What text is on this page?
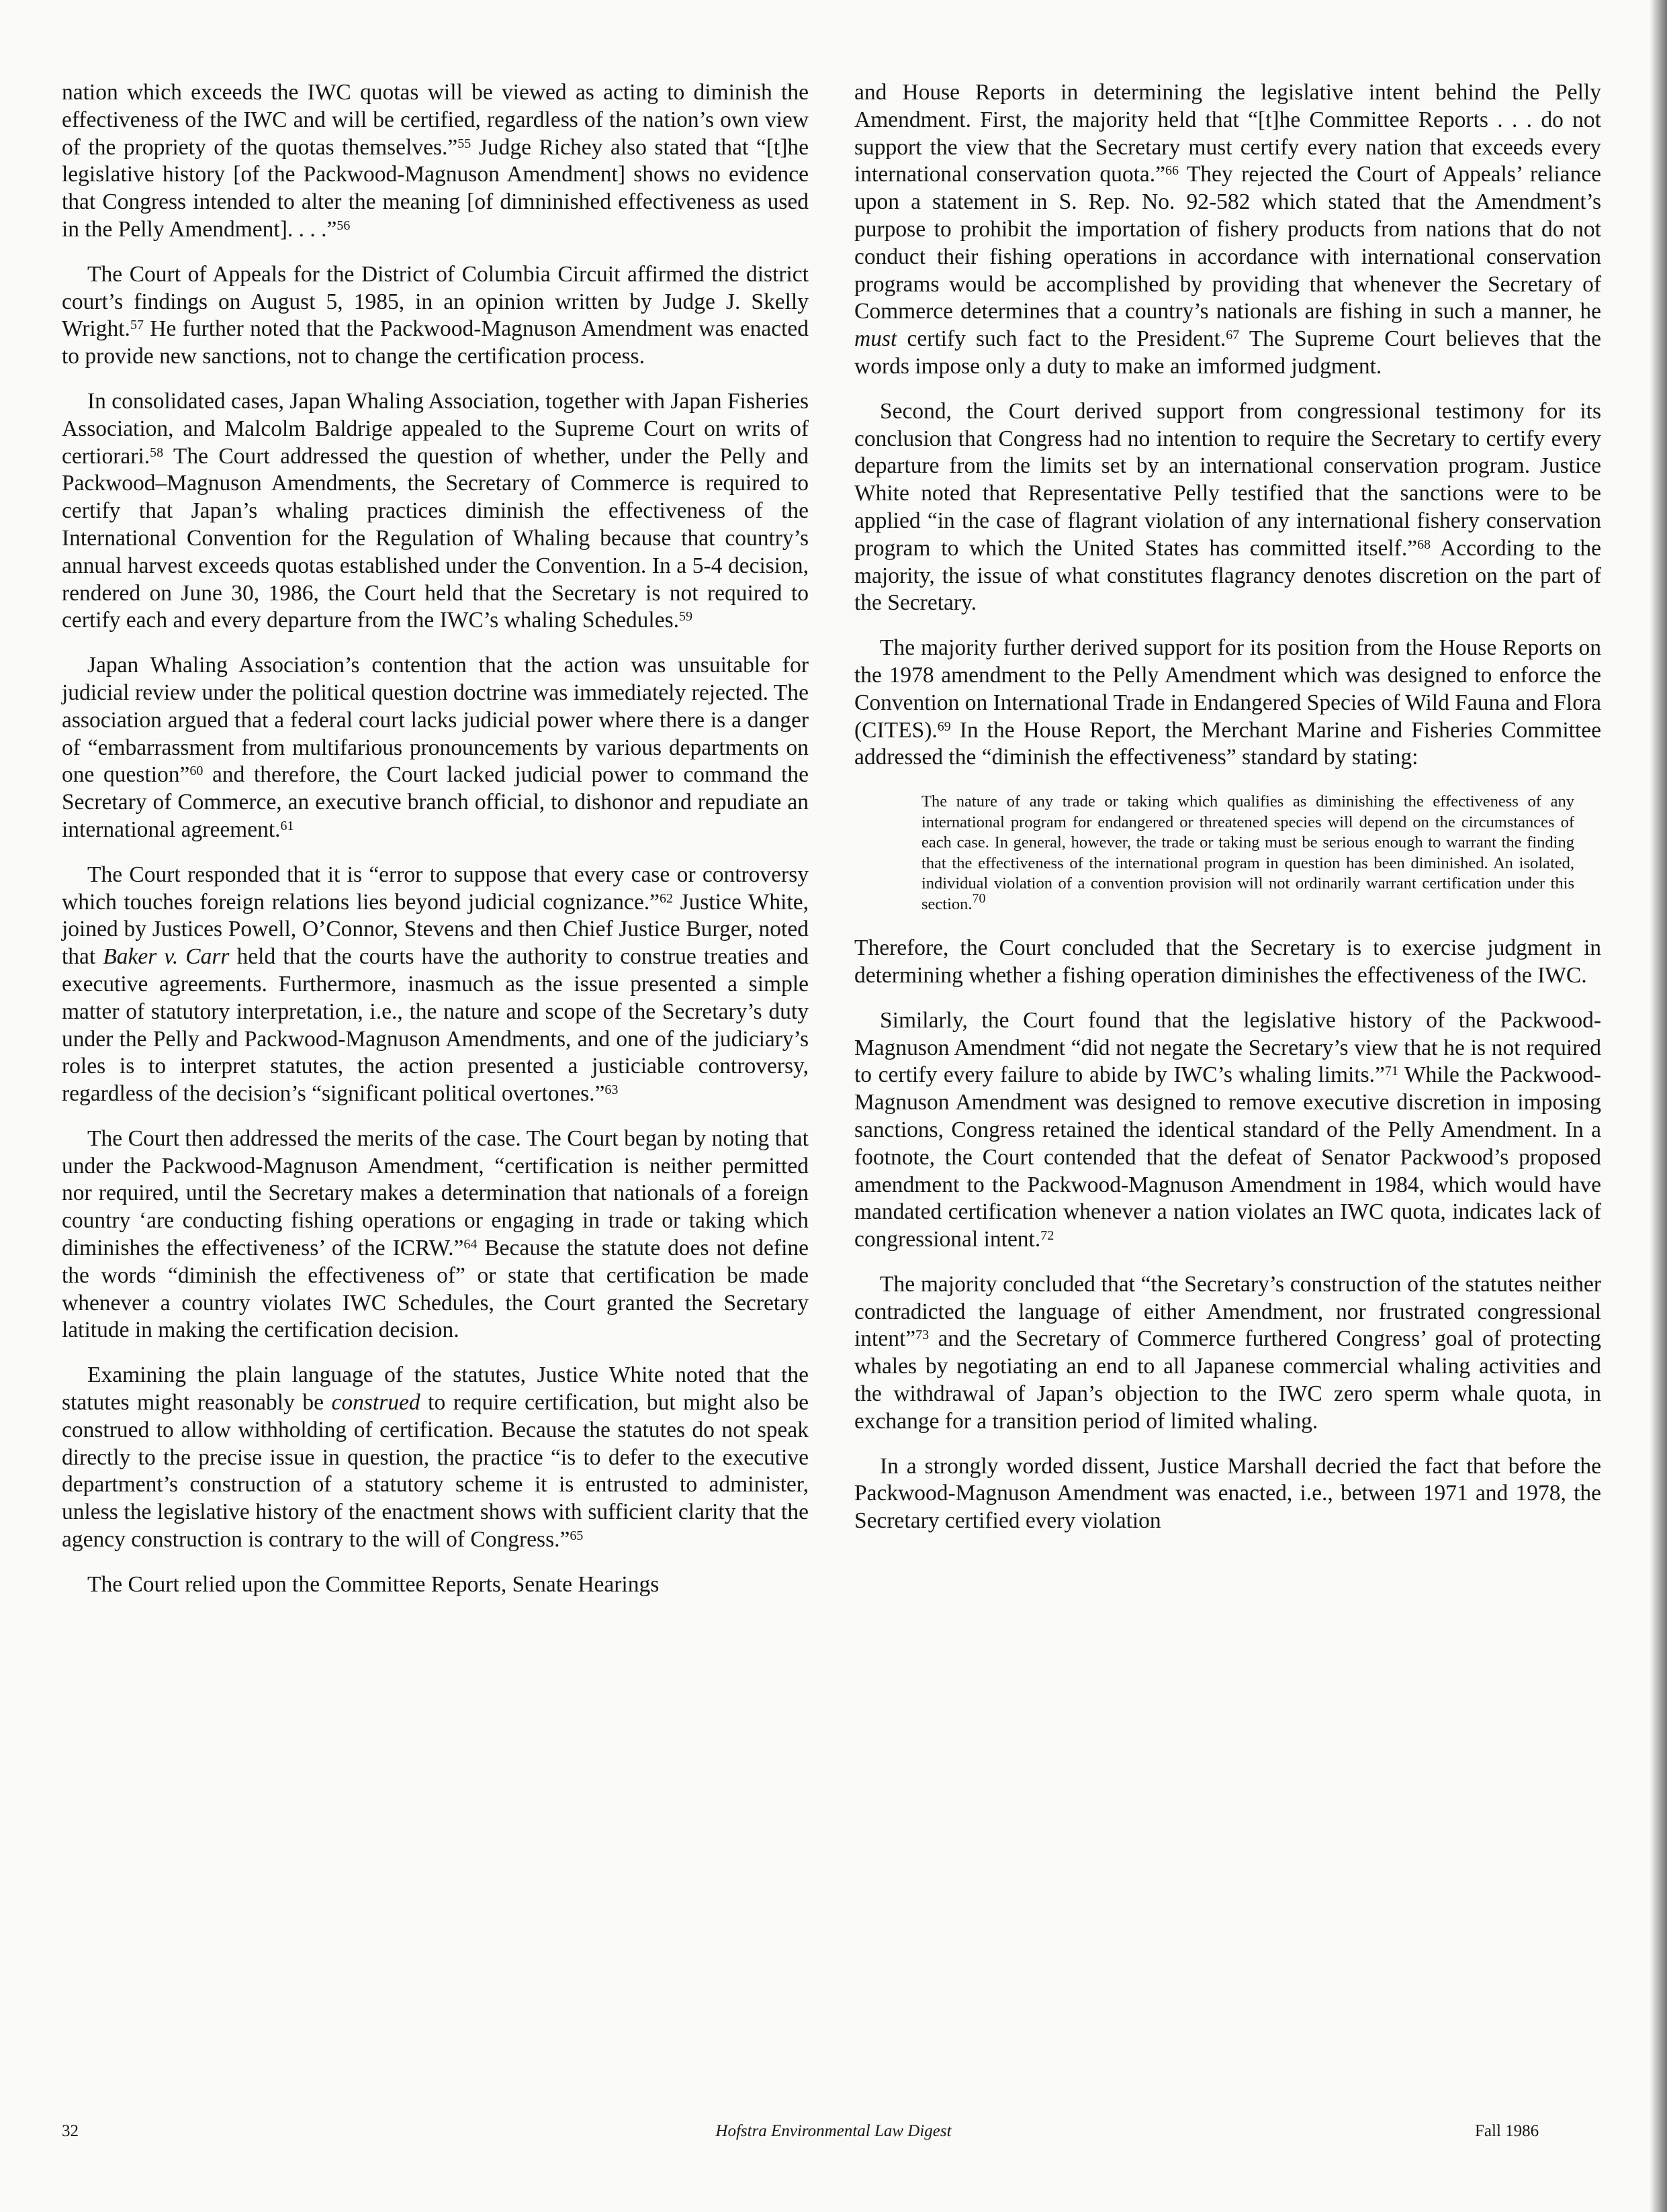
nation which exceeds the IWC quotas will be viewed as acting to diminish the effectiveness of the IWC and will be certified, regardless of the nation’s own view of the propriety of the quotas themselves.”$^{55}$ Judge Richey also stated that “[t]he legislative history [of the Packwood-Magnuson Amendment] shows no evidence that Congress intended to alter the meaning [of dimninished effectiveness as used in the Pelly Amendment]. . . .”$^{56}$

The Court of Appeals for the District of Columbia Circuit affirmed the district court’s findings on August 5, 1985, in an opinion written by Judge J. Skelly Wright.$^{57}$ He further noted that the Packwood-Magnuson Amendment was enacted to provide new sanctions, not to change the certification process.

In consolidated cases, Japan Whaling Association, together with Japan Fisheries Association, and Malcolm Baldrige appealed to the Supreme Court on writs of certiorari.$^{58}$ The Court addressed the question of whether, under the Pelly and Packwood–Magnuson Amendments, the Secretary of Commerce is required to certify that Japan’s whaling practices diminish the effectiveness of the International Convention for the Regulation of Whaling because that country’s annual harvest exceeds quotas established under the Convention. In a 5-4 decision, rendered on June 30, 1986, the Court held that the Secretary is not required to certify each and every departure from the IWC’s whaling Schedules.$^{59}$

Japan Whaling Association’s contention that the action was unsuitable for judicial review under the political question doctrine was immediately rejected. The association argued that a federal court lacks judicial power where there is a danger of “embarrassment from multifarious pronouncements by various departments on one question”$^{60}$ and therefore, the Court lacked judicial power to command the Secretary of Commerce, an executive branch official, to dishonor and repudiate an international agreement.$^{61}$

The Court responded that it is “error to suppose that every case or controversy which touches foreign relations lies beyond judicial cognizance.”$^{62}$ Justice White, joined by Justices Powell, O’Connor, Stevens and then Chief Justice Burger, noted that Baker v. Carr held that the courts have the authority to construe treaties and executive agreements. Furthermore, inasmuch as the issue presented a simple matter of statutory interpretation, i.e., the nature and scope of the Secretary’s duty under the Pelly and Packwood-Magnuson Amendments, and one of the judiciary’s roles is to interpret statutes, the action presented a justiciable controversy, regardless of the decision’s “significant political overtones.”$^{63}$

The Court then addressed the merits of the case. The Court began by noting that under the Packwood-Magnuson Amendment, “certification is neither permitted nor required, until the Secretary makes a determination that nationals of a foreign country ‘are conducting fishing operations or engaging in trade or taking which diminishes the effectiveness’ of the ICRW.”$^{64}$ Because the statute does not define the words “diminish the effectiveness of” or state that certification be made whenever a country violates IWC Schedules, the Court granted the Secretary latitude in making the certification decision.

Examining the plain language of the statutes, Justice White noted that the statutes might reasonably be construed to require certification, but might also be construed to allow withholding of certification. Because the statutes do not speak directly to the precise issue in question, the practice “is to defer to the executive department’s construction of a statutory scheme it is entrusted to administer, unless the legislative history of the enactment shows with sufficient clarity that the agency construction is contrary to the will of Congress.”$^{65}$

The Court relied upon the Committee Reports, Senate Hearings

and House Reports in determining the legislative intent behind the Pelly Amendment. First, the majority held that “[t]he Committee Reports . . . do not support the view that the Secretary must certify every nation that exceeds every international conservation quota.”$^{66}$ They rejected the Court of Appeals’ reliance upon a statement in S. Rep. No. 92-582 which stated that the Amendment’s purpose to prohibit the importation of fishery products from nations that do not conduct their fishing operations in accordance with international conservation programs would be accomplished by providing that whenever the Secretary of Commerce determines that a country’s nationals are fishing in such a manner, he must certify such fact to the President.$^{67}$ The Supreme Court believes that the words impose only a duty to make an imformed judgment.

Second, the Court derived support from congressional testimony for its conclusion that Congress had no intention to require the Secretary to certify every departure from the limits set by an international conservation program. Justice White noted that Representative Pelly testified that the sanctions were to be applied “in the case of flagrant violation of any international fishery conservation program to which the United States has committed itself.”$^{68}$ According to the majority, the issue of what constitutes flagrancy denotes discretion on the part of the Secretary.

The majority further derived support for its position from the House Reports on the 1978 amendment to the Pelly Amendment which was designed to enforce the Convention on International Trade in Endangered Species of Wild Fauna and Flora (CITES).$^{69}$ In the House Report, the Merchant Marine and Fisheries Committee addressed the “diminish the effectiveness” standard by stating:

The nature of any trade or taking which qualifies as diminishing the effectiveness of any international program for endangered or threatened species will depend on the circumstances of each case. In general, however, the trade or taking must be serious enough to warrant the finding that the effectiveness of the international program in question has been diminished. An isolated, individual violation of a convention provision will not ordinarily warrant certification under this section.$^{70}$

Therefore, the Court concluded that the Secretary is to exercise judgment in determining whether a fishing operation diminishes the effectiveness of the IWC.

Similarly, the Court found that the legislative history of the Packwood-Magnuson Amendment “did not negate the Secretary’s view that he is not required to certify every failure to abide by IWC’s whaling limits.”$^{71}$ While the Packwood-Magnuson Amendment was designed to remove executive discretion in imposing sanctions, Congress retained the identical standard of the Pelly Amendment. In a footnote, the Court contended that the defeat of Senator Packwood’s proposed amendment to the Packwood-Magnuson Amendment in 1984, which would have mandated certification whenever a nation violates an IWC quota, indicates lack of congressional intent.$^{72}$

The majority concluded that “the Secretary’s construction of the statutes neither contradicted the language of either Amendment, nor frustrated congressional intent”$^{73}$ and the Secretary of Commerce furthered Congress’ goal of protecting whales by negotiating an end to all Japanese commercial whaling activities and the withdrawal of Japan’s objection to the IWC zero sperm whale quota, in exchange for a transition period of limited whaling.

In a strongly worded dissent, Justice Marshall decried the fact that before the Packwood-Magnuson Amendment was enacted, i.e., between 1971 and 1978, the Secretary certified every violation

32	Hofstra Environmental Law Digest	Fall 1986
